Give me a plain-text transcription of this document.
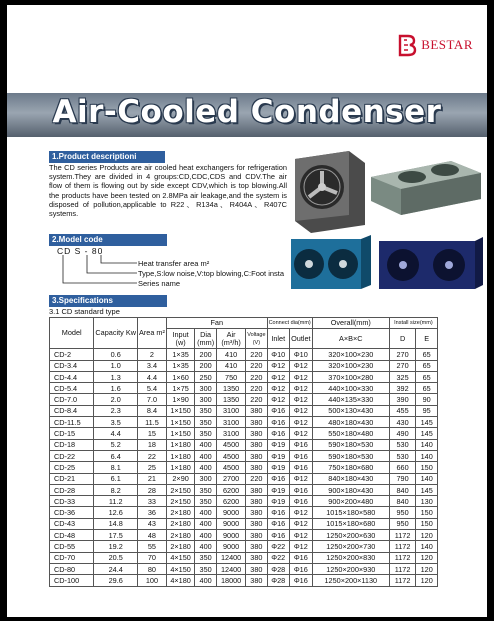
BESTAR
Air-Cooled Condenser
1.Product descriptioni

The CD series Products are air cooled heat exchangers for refrigeration system.They are divided in 4 groups:CD,CDC,CDS and CDV.The air flow of them is flowing out by side except CDV,which is top blowing.All the products have been tested on 2.8MPa air leakage,and the system is disposed of pollution,applicable to R22、R134a、R404A、R407C systems.

2.Model code
CD S - 80
Heat transfer area m²
Type,S:low noise,V:top blowing,C:Foot insta
Series name
3.Specifications
3.1 CD standard type
Model	Capacity Kw	Area m²	Fan				Connect dia(mm)		Overall(mm)	Install size(mm)	
			Input (w)	Dia (mm)	Air (m³/h)	Voltage (V)	Inlet	Outlet	A×B×C	D	E
CD-2	0.6	2	1×35	200	410	220	Φ10	Φ10	320×100×230	270	65
CD-3.4	1.0	3.4	1×35	200	410	220	Φ12	Φ12	320×100×230	270	65
CD-4.4	1.3	4.4	1×60	250	750	220	Φ12	Φ12	370×100×280	325	65
CD-5.4	1.6	5.4	1×75	300	1350	220	Φ12	Φ12	440×100×330	392	65
CD-7.0	2.0	7.0	1×90	300	1350	220	Φ12	Φ12	440×135×330	390	90
CD-8.4	2.3	8.4	1×150	350	3100	380	Φ16	Φ12	500×130×430	455	95
CD-11.5	3.5	11.5	1×150	350	3100	380	Φ16	Φ12	480×180×430	430	145
CD-15	4.4	15	1×150	350	3100	380	Φ16	Φ12	550×180×480	490	145
CD-18	5.2	18	1×180	400	4500	380	Φ19	Φ16	590×180×530	530	140
CD-22	6.4	22	1×180	400	4500	380	Φ19	Φ16	590×180×530	530	140
CD-25	8.1	25	1×180	400	4500	380	Φ19	Φ16	750×180×680	660	150
CD-21	6.1	21	2×90	300	2700	220	Φ16	Φ12	840×180×430	790	140
CD-28	8.2	28	2×150	350	6200	380	Φ19	Φ16	900×180×430	840	145
CD-33	11.2	33	2×150	350	6200	380	Φ19	Φ16	900×200×480	840	130
CD-36	12.6	36	2×180	400	9000	380	Φ16	Φ12	1015×180×580	950	150
CD-43	14.8	43	2×180	400	9000	380	Φ16	Φ12	1015×180×680	950	150
CD-48	17.5	48	2×180	400	9000	380	Φ16	Φ12	1250×200×630	1172	120
CD-55	19.2	55	2×180	400	9000	380	Φ22	Φ12	1250×200×730	1172	140
CD-70	20.5	70	4×150	350	12400	380	Φ22	Φ16	1250×200×830	1172	120
CD-80	24.4	80	4×150	350	12400	380	Φ28	Φ16	1250×200×930	1172	120
CD-100	29.6	100	4×180	400	18000	380	Φ28	Φ16	1250×200×1130	1172	120
